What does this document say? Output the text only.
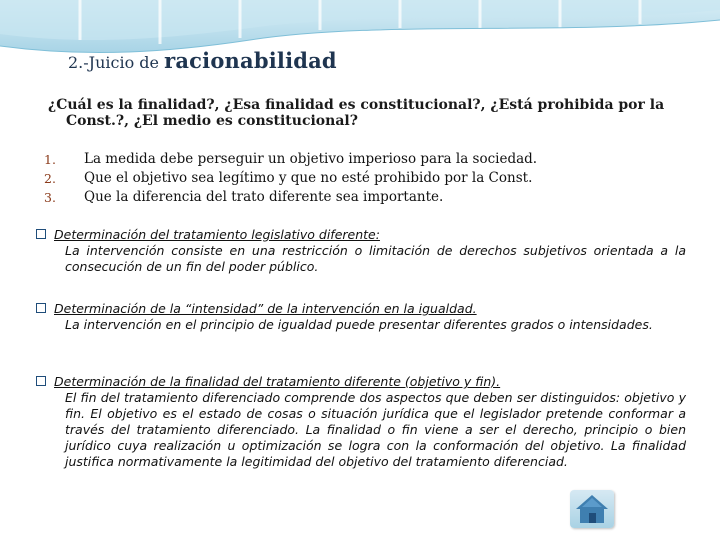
2.-Juicio de racionabilidad
¿Cuál es la finalidad?, ¿Esa finalidad es constitucional?, ¿Está prohibida por la
Const.?, ¿El medio es constitucional?
1.	La medida debe perseguir un objetivo imperioso para la sociedad.
2.	Que el objetivo sea legítimo y que no esté prohibido por la Const.
3.	Que la diferencia del trato diferente sea importante.
Determinación del tratamiento legislativo diferente:
La intervención consiste en una restricción o limitación de derechos subjetivos orientada a la consecución de un fin del poder público.
Determinación de la “intensidad” de la intervención en la igualdad.
La intervención en el principio de igualdad puede presentar diferentes grados o intensidades.
Determinación de la finalidad del tratamiento diferente (objetivo y fin).
El fin del tratamiento diferenciado comprende dos aspectos que deben ser distinguidos: objetivo y fin. El objetivo es el estado de cosas o situación jurídica que el legislador pretende conformar a través del tratamiento diferenciado. La finalidad o fin viene a ser el derecho, principio o bien jurídico cuya realización u optimización se logra con la conformación del objetivo. La finalidad justifica normativamente la legitimidad del objetivo del tratamiento diferenciad.
